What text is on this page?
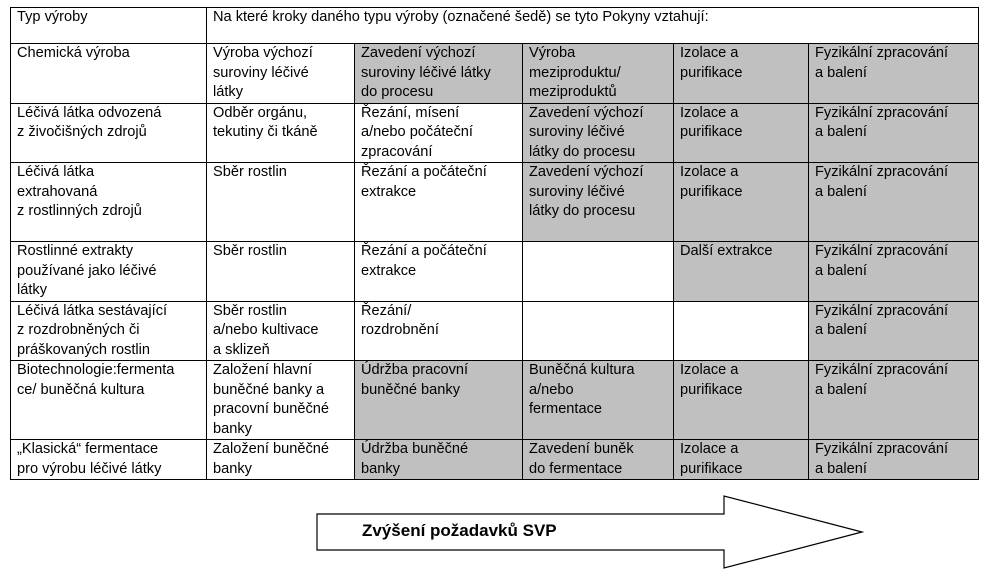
Typ výroby	Na které kroky daného typu výroby (označené šedě) se tyto Pokyny vztahují:				

Chemická výroba	Výroba výchozí
suroviny léčivé
látky	Zavedení výchozí
suroviny léčivé látky
do procesu	Výroba
meziproduktu/
meziproduktů	Izolace a
purifikace	Fyzikální zpracování
a balení

Léčivá látka odvozená
z živočišných zdrojů	Odběr orgánu,
tekutiny či tkáně	Řezání, mísení
a/nebo počáteční
zpracování	Zavedení výchozí
suroviny léčivé
látky do procesu	Izolace a
purifikace	Fyzikální zpracování
a balení

Léčivá látka
extrahovaná
z rostlinných zdrojů	Sběr rostlin	Řezání a počáteční
extrakce	Zavedení výchozí
suroviny léčivé
látky do procesu	Izolace a
purifikace	Fyzikální zpracování
a balení

Rostlinné extrakty
používané jako léčivé
látky	Sběr rostlin	Řezání a počáteční
extrakce		Další extrakce	Fyzikální zpracování
a balení

Léčivá látka sestávající
z rozdrobněných či
práškovaných rostlin	Sběr rostlin
a/nebo kultivace
a sklizeň	Řezání/
rozdrobnění			Fyzikální zpracování
a balení

Biotechnologie:fermenta
ce/ buněčná kultura	Založení hlavní
buněčné banky a
pracovní buněčné
banky	Údržba pracovní
buněčné banky	Buněčná kultura
a/nebo
fermentace	Izolace a
purifikace	Fyzikální zpracování
a balení

„Klasická“ fermentace
pro výrobu léčivé látky	Založení buněčné
banky	Údržba buněčné
banky	Zavedení buněk
do fermentace	Izolace a
purifikace	Fyzikální zpracování
a balení
Zvýšení požadavků SVP
